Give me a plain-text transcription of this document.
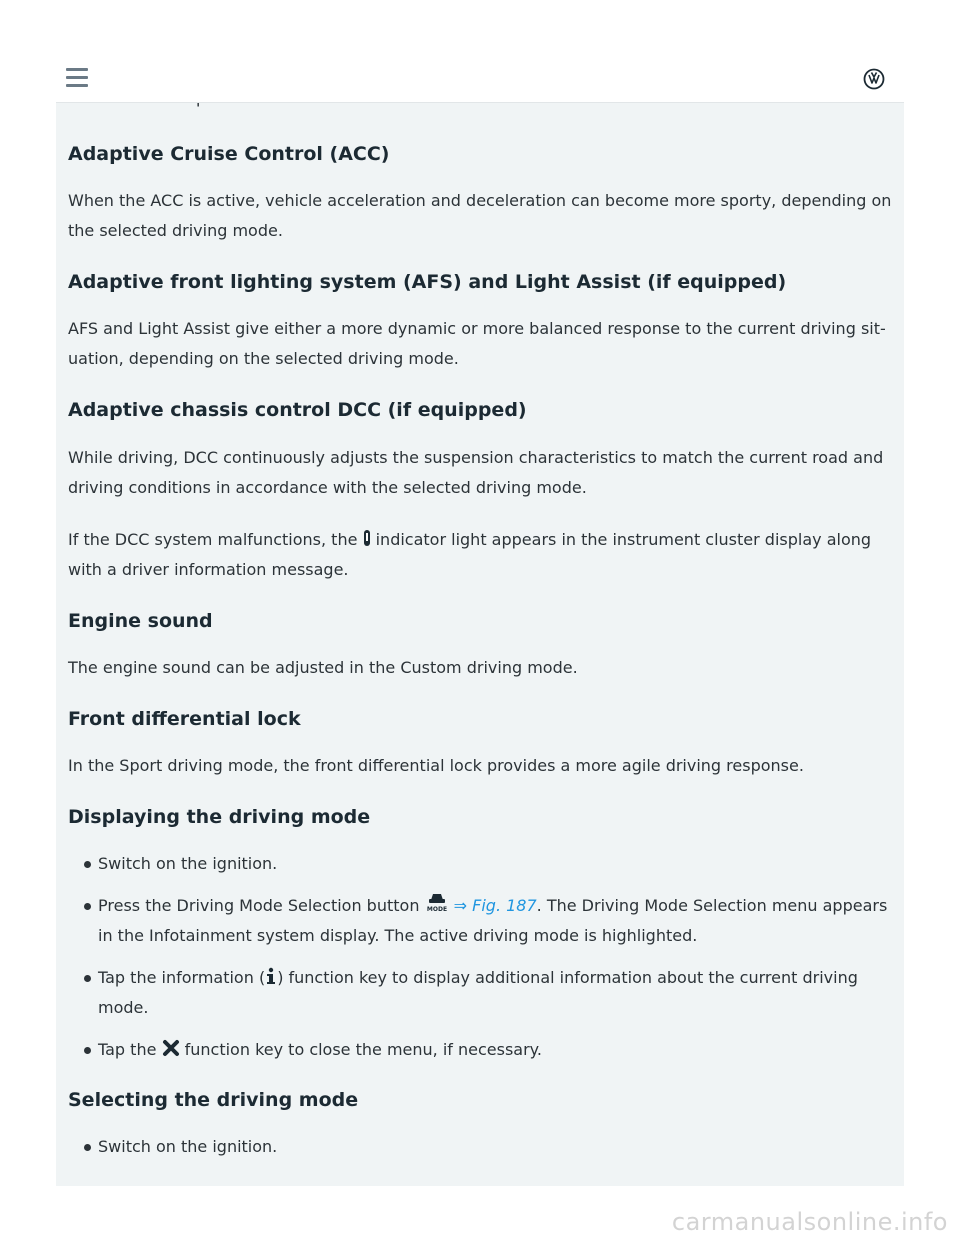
Adaptive Cruise Control (ACC)

When the ACC is active, vehicle acceleration and deceleration can become more sporty, depending on the selected driving mode.

Adaptive front lighting system (AFS) and Light Assist (if equipped)

AFS and Light Assist give either a more dynamic or more balanced response to the current driving sit-uation, depending on the selected driving mode.

Adaptive chassis control DCC (if equipped)

While driving, DCC continuously adjusts the suspension characteristics to match the current road and driving conditions in accordance with the selected driving mode.

If the DCC system malfunctions, the indicator light appears in the instrument cluster display along with a driver information message.

Engine sound

The engine sound can be adjusted in the Custom driving mode.

Front differential lock

In the Sport driving mode, the front differential lock provides a more agile driving response.

Displaying the driving mode
Switch on the ignition.
Press the Driving Mode Selection button MODE ⇒ Fig. 187. The Driving Mode Selection menu appears in the Infotainment system display. The active driving mode is highlighted.
Tap the information ( ) function key to display additional information about the current driving mode.
Tap the function key to close the menu, if necessary.
Selecting the driving mode
Switch on the ignition.
carmanualsonline.info
